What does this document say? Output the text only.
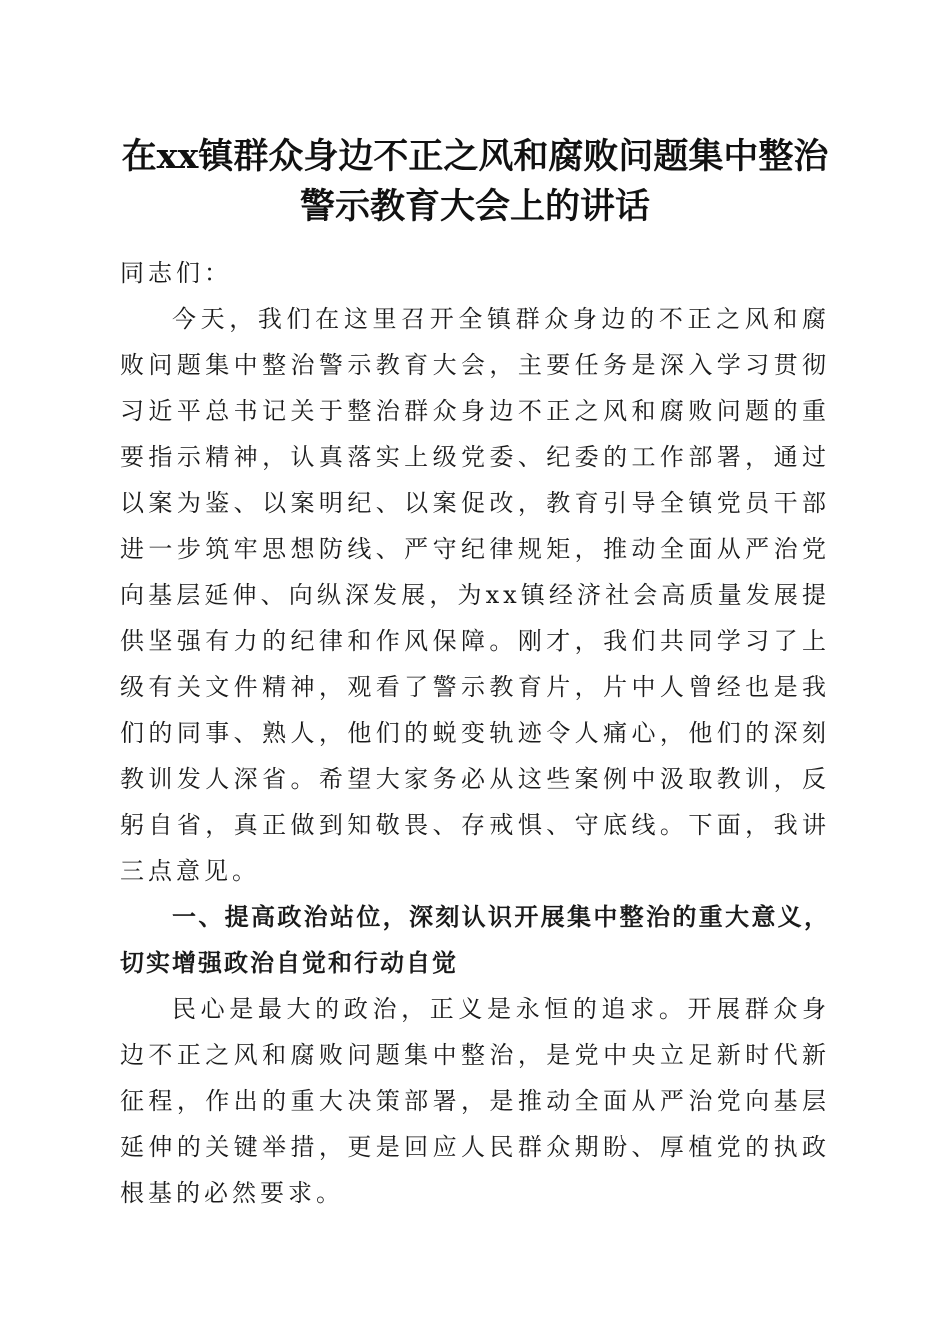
在xx镇群众身边不正之风和腐败问题集中整治警示教育大会上的讲话

同志们：

今天，我们在这里召开全镇群众身边的不正之风和腐败问题集中整治警示教育大会，主要任务是深入学习贯彻习近平总书记关于整治群众身边不正之风和腐败问题的重要指示精神，认真落实上级党委、纪委的工作部署，通过以案为鉴、以案明纪、以案促改，教育引导全镇党员干部进一步筑牢思想防线、严守纪律规矩，推动全面从严治党向基层延伸、向纵深发展，为xx镇经济社会高质量发展提供坚强有力的纪律和作风保障。刚才，我们共同学习了上级有关文件精神，观看了警示教育片，片中人曾经也是我们的同事、熟人，他们的蜕变轨迹令人痛心，他们的深刻教训发人深省。希望大家务必从这些案例中汲取教训，反躬自省，真正做到知敬畏、存戒惧、守底线。下面，我讲三点意见。

一、提高政治站位，深刻认识开展集中整治的重大意义，切实增强政治自觉和行动自觉

民心是最大的政治，正义是永恒的追求。开展群众身边不正之风和腐败问题集中整治，是党中央立足新时代新征程，作出的重大决策部署，是推动全面从严治党向基层延伸的关键举措，更是回应人民群众期盼、厚植党的执政根基的必然要求。
